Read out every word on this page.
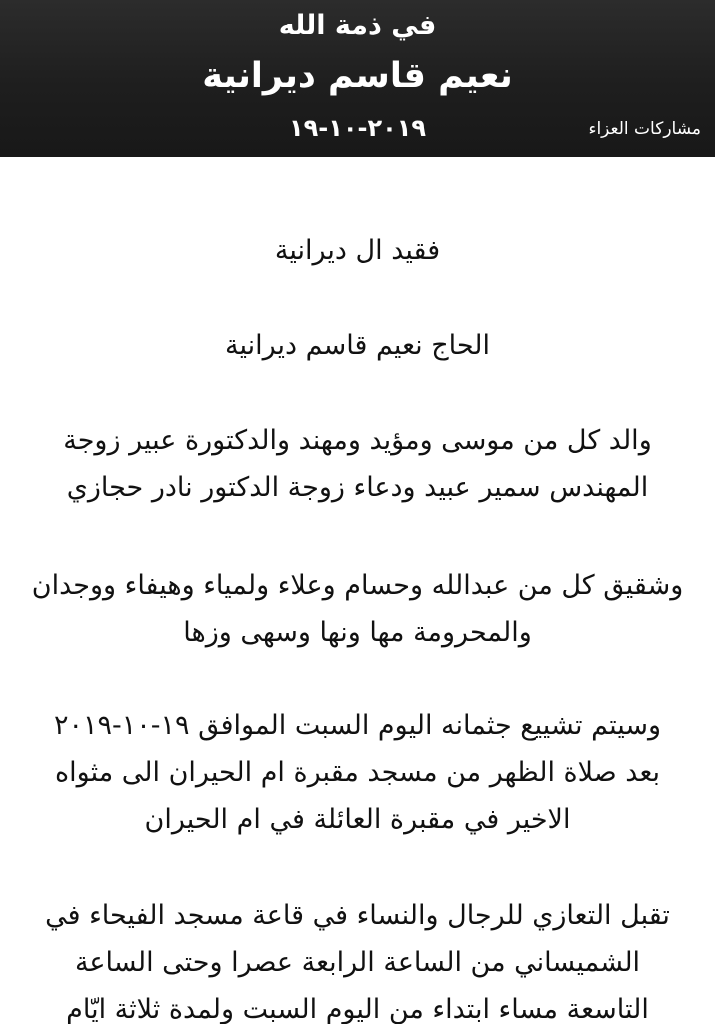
في ذمة الله
نعيم قاسم ديرانية
٢٠١٩-١٠-١٩	مشاركات العزاء

فقيد ال ديرانية

الحاج نعيم قاسم ديرانية

والد كل من موسى ومؤيد ومهند والدكتورة عبير زوجة
المهندس سمير عبيد ودعاء زوجة الدكتور نادر حجازي

وشقيق كل من عبدالله وحسام وعلاء ولمياء وهيفاء ووجدان
والمحرومة مها ونها وسهى وزها

وسيتم تشييع جثمانه اليوم السبت الموافق ١٩-١٠-٢٠١٩
بعد صلاة الظهر من مسجد مقبرة ام الحيران الى مثواه
الاخير في مقبرة العائلة في ام الحيران

تقبل التعازي للرجال والنساء في قاعة مسجد الفيحاء في
الشميساني من الساعة الرابعة عصرا وحتى الساعة
التاسعة مساء ابتداء من اليوم السبت ولمدة ثلاثة ايّام
